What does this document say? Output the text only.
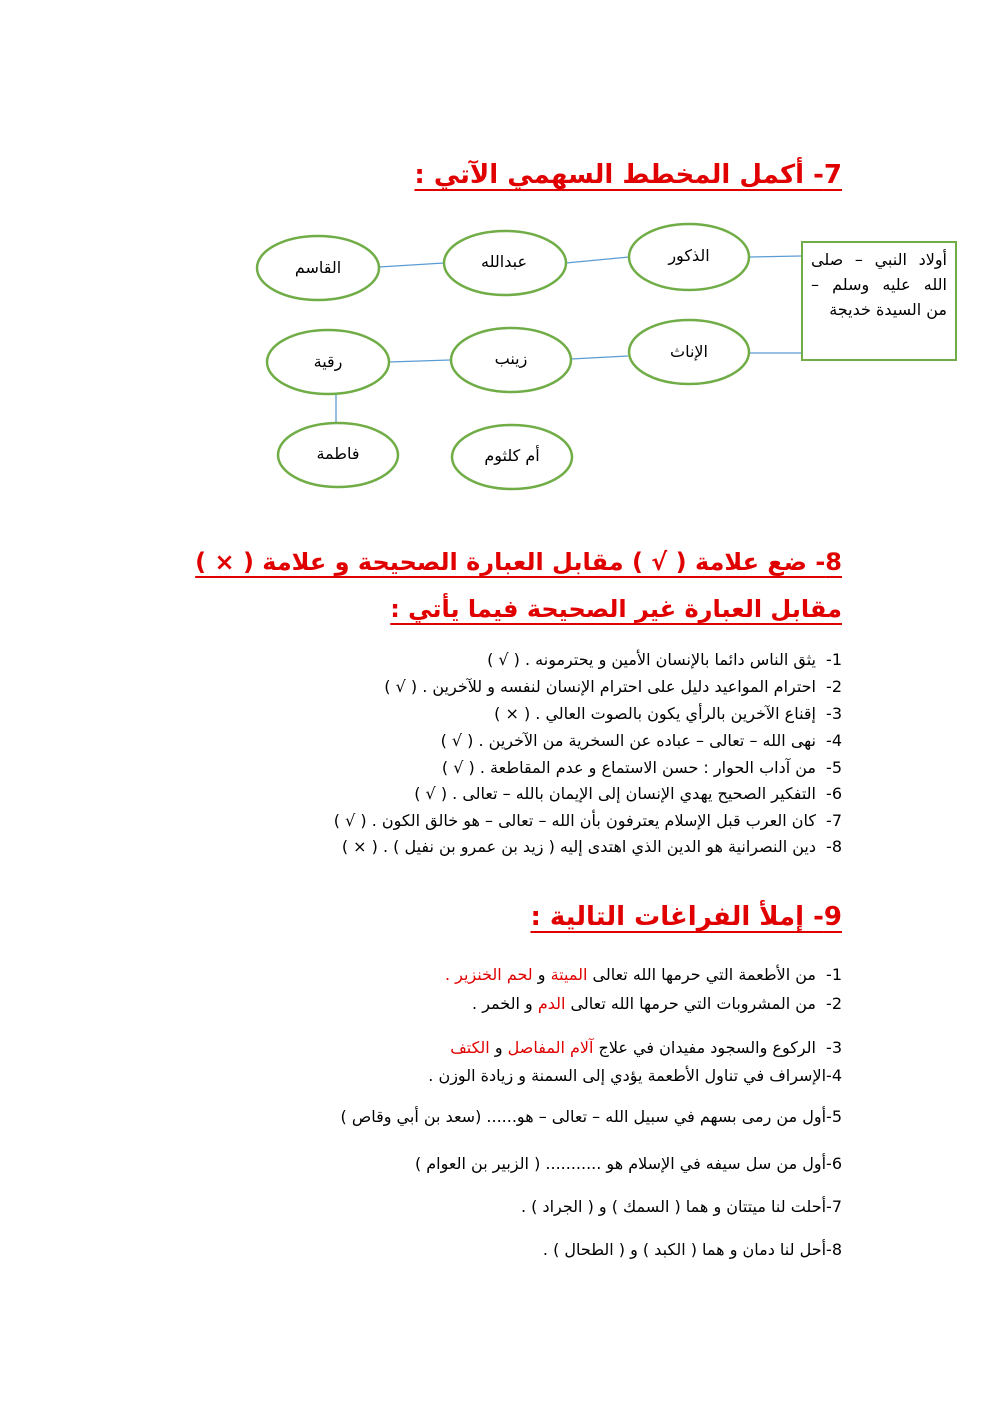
7- أكمل المخطط السهمي الآتي :
الذكور
عبدالله
القاسم
الإناث
زينب
رقية
فاطمة	أم كلثوم
أولاد النبي – صلى الله عليه وسلم – من السيدة خديجة
8- ضع علامة ( √ ) مقابل العبارة الصحيحة و علامة ( × )
مقابل العبارة غير الصحيحة فيما يأتي :
1-يثق الناس دائما بالإنسان الأمين و يحترمونه . ( √ )
2-احترام المواعيد دليل على احترام الإنسان لنفسه و للآخرين . ( √ )
3-إقناع الآخرين بالرأي يكون بالصوت العالي . ( × )
4-نهى الله – تعالى – عباده عن السخرية من الآخرين . ( √ )
5-من آداب الحوار : حسن الاستماع و عدم المقاطعة . ( √ )
6-التفكير الصحيح يهدي الإنسان إلى الإيمان بالله – تعالى . ( √ )
7-كان العرب قبل الإسلام يعترفون بأن الله – تعالى – هو خالق الكون . ( √ )
8-دين النصرانية هو الدين الذي اهتدى إليه ( زيد بن عمرو بن نفيل ) . ( × )
9- إملأ الفراغات التالية :
1-من الأطعمة التي حرمها الله تعالى الميتة و لحم الخنزير .
2-من المشروبات التي حرمها الله تعالى الدم و الخمر .
3-الركوع والسجود مفيدان في علاج آلام المفاصل و الكتف
4-الإسراف في تناول الأطعمة يؤدي إلى السمنة و زيادة الوزن .
5-أول من رمى بسهم في سبيل الله – تعالى – هو...... (سعد بن أبي وقاص )
6-أول من سل سيفه في الإسلام هو ........... ( الزبير بن العوام )
7-أحلت لنا ميتتان و هما ( السمك ) و ( الجراد ) .
8-أحل لنا دمان و هما ( الكبد ) و ( الطحال ) .
